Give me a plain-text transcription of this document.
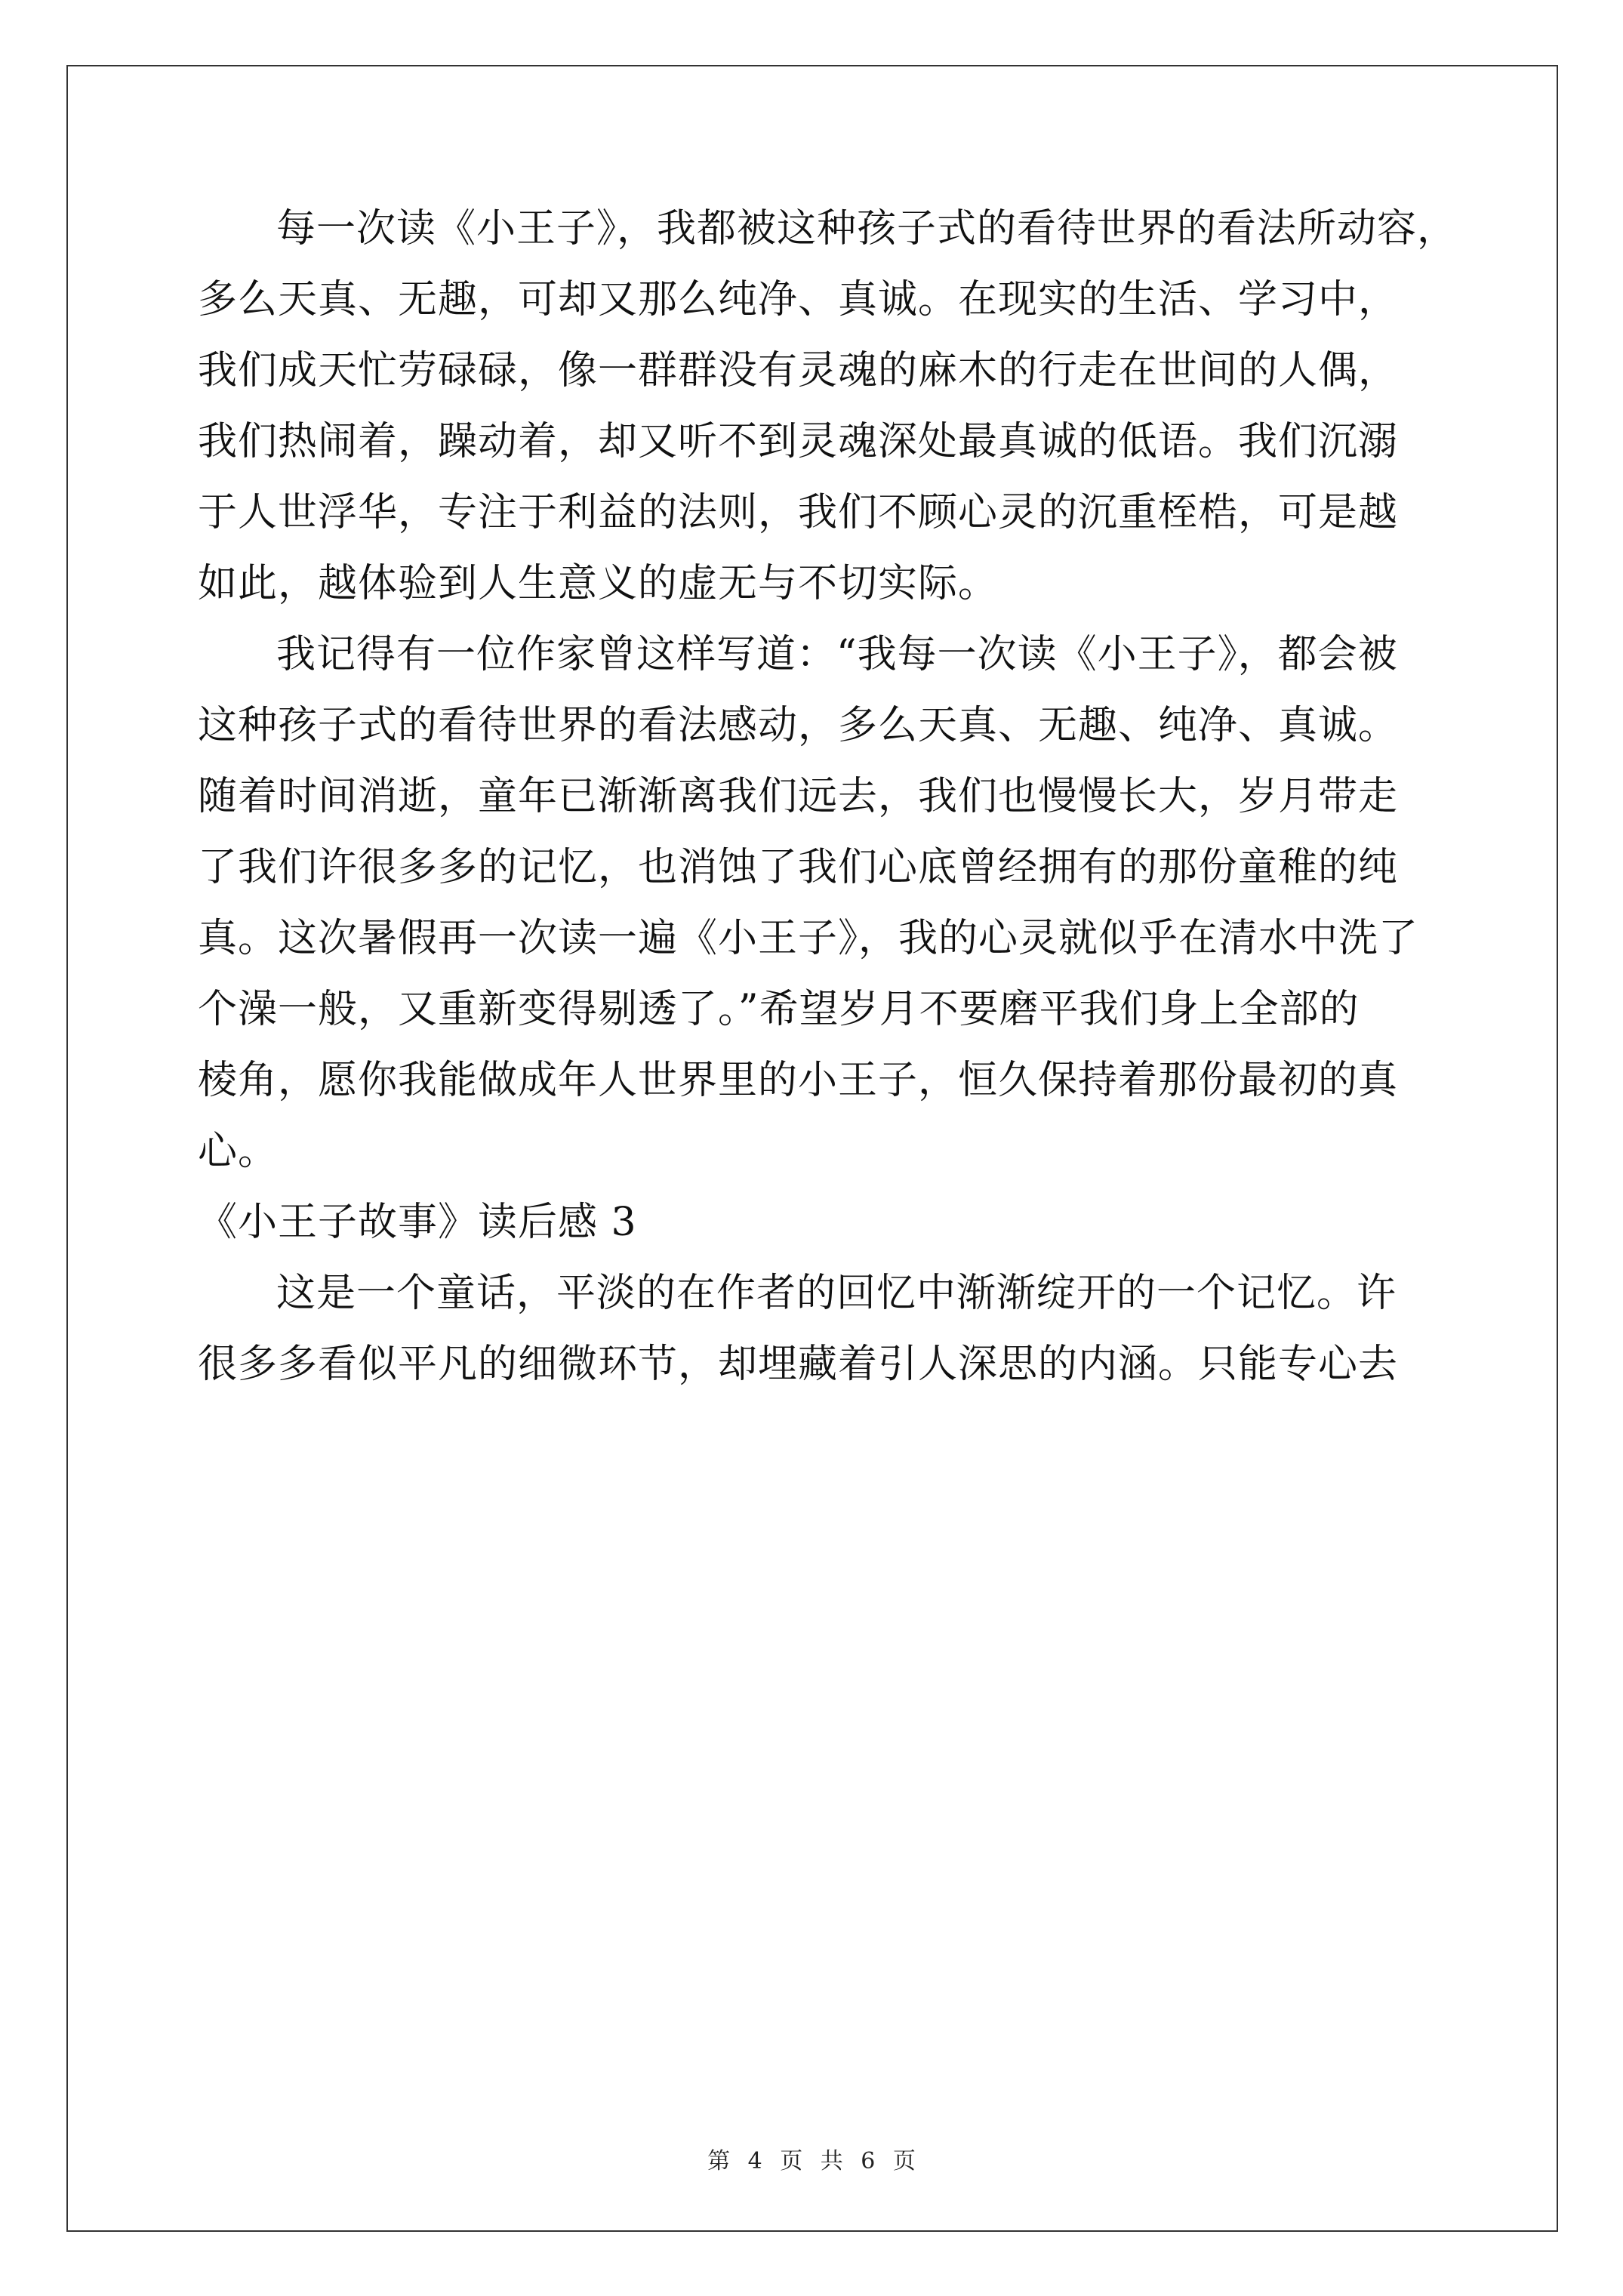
每一次读《小王子》，我都被这种孩子式的看待世界的看法所动容，
多么天真、无趣，可却又那么纯净、真诚。在现实的生活、学习中，
我们成天忙劳碌碌，像一群群没有灵魂的麻木的行走在世间的人偶，
我们热闹着，躁动着，却又听不到灵魂深处最真诚的低语。我们沉溺
于人世浮华，专注于利益的法则，我们不顾心灵的沉重桎梏，可是越
如此，越体验到人生意义的虚无与不切实际。
我记得有一位作家曾这样写道：“我每一次读《小王子》，都会被
这种孩子式的看待世界的看法感动，多么天真、无趣、纯净、真诚。
随着时间消逝，童年已渐渐离我们远去，我们也慢慢长大，岁月带走
了我们许很多多的记忆，也消蚀了我们心底曾经拥有的那份童稚的纯
真。这次暑假再一次读一遍《小王子》，我的心灵就似乎在清水中洗了
个澡一般，又重新变得剔透了。”希望岁月不要磨平我们身上全部的
棱角，愿你我能做成年人世界里的小王子，恒久保持着那份最初的真
心。
《小王子故事》读后感 3
这是一个童话，平淡的在作者的回忆中渐渐绽开的一个记忆。许
很多多看似平凡的细微环节，却埋藏着引人深思的内涵。只能专心去
第 4 页 共 6 页
